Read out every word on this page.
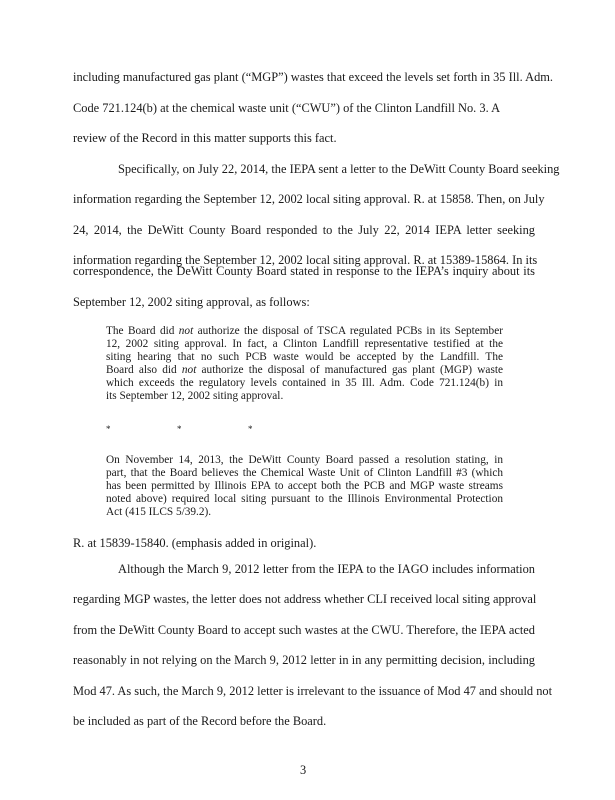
including manufactured gas plant (“MGP”) wastes that exceed the levels set forth in 35 Ill. Adm.
Code 721.124(b) at the chemical waste unit (“CWU”) of the Clinton Landfill No. 3. A
review of the Record in this matter supports this fact.
Specifically, on July 22, 2014, the IEPA sent a letter to the DeWitt County Board seeking
information regarding the September 12, 2002 local siting approval. R. at 15858. Then, on July
24, 2014, the DeWitt County Board responded to the July 22, 2014 IEPA letter seeking
information regarding the September 12, 2002 local siting approval. R. at 15389-15864. In its
correspondence, the DeWitt County Board stated in response to the IEPA’s inquiry about its
September 12, 2002 siting approval, as follows:
The Board did not authorize the disposal of TSCA regulated PCBs in its September
12, 2002 siting approval. In fact, a Clinton Landfill representative testified at the
siting hearing that no such PCB waste would be accepted by the Landfill. The
Board also did not authorize the disposal of manufactured gas plant (MGP) waste
which exceeds the regulatory levels contained in 35 Ill. Adm. Code 721.124(b) in
its September 12, 2002 siting approval.
*	*	*
On November 14, 2013, the DeWitt County Board passed a resolution stating, in
part, that the Board believes the Chemical Waste Unit of Clinton Landfill #3 (which
has been permitted by Illinois EPA to accept both the PCB and MGP waste streams
noted above) required local siting pursuant to the Illinois Environmental Protection
Act (415 ILCS 5/39.2).
R. at 15839-15840. (emphasis added in original).
Although the March 9, 2012 letter from the IEPA to the IAGO includes information
regarding MGP wastes, the letter does not address whether CLI received local siting approval
from the DeWitt County Board to accept such wastes at the CWU. Therefore, the IEPA acted
reasonably in not relying on the March 9, 2012 letter in in any permitting decision, including
Mod 47. As such, the March 9, 2012 letter is irrelevant to the issuance of Mod 47 and should not
be included as part of the Record before the Board.
3
